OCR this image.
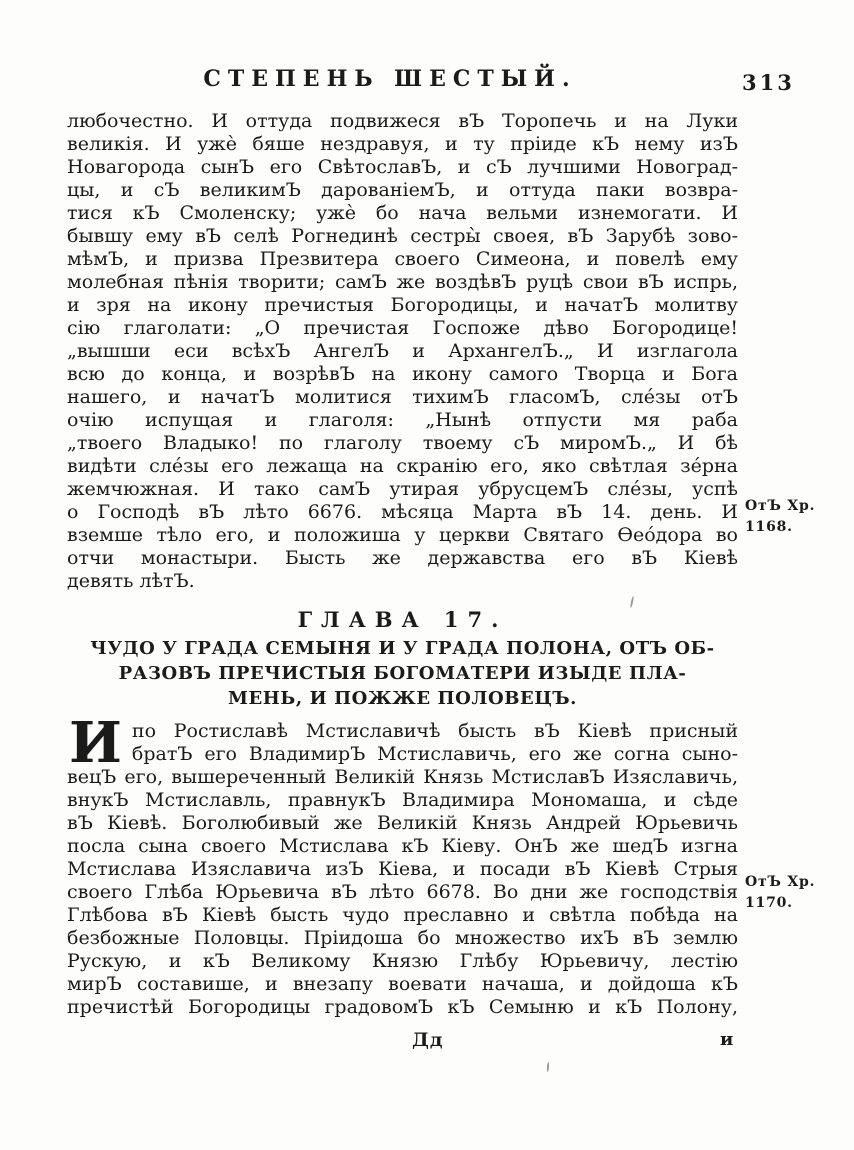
СТЕПЕНЬ ШЕСТЫЙ.	313
любочестно. И оттуда подвижеся вЪ Торопечь и на Луки
великія. И ужѐ бяше нездравуя, и ту пріиде кЪ нему изЪ
Новагорода сынЪ его СвѣтославЪ, и сЪ лучшими Новоград-
цы, и сЪ великимЪ дарованіемЪ, и оттуда паки возвра-
тися кЪ Смоленску; ужѐ бо нача вельми изнемогати. И
бывшу ему вЪ селѣ Рогнединѣ сестры̀ своея, вЪ Зарубѣ зово-
мѣмЪ, и призва Презвитера своего Симеона, и повелѣ ему
молебная пѣнія творити; самЪ же воздѣвЪ руцѣ свои вЪ испрь,
и зря на икону пречистыя Богородицы, и начатЪ молитву
сію глаголати: „О пречистая Госпоже дѣво Богородице!
„вышши еси всѣхЪ АнгелЪ и АрхангелЪ.„ И изглагола
всю до конца, и возрѣвЪ на икону самого Творца и Бога
нашего, и начатЪ молитися тихимЪ гласомЪ, сле́зы отЪ
очію испущая и глаголя: „Нынѣ отпусти мя раба
„твоего Владыко! по глаголу твоему сЪ миромЪ.„ И бѣ
видѣти сле́зы его лежаща на скранію его, яко свѣтлая зе́рна
жемчюжная. И тако самЪ утирая убрусцемЪ сле́зы, успѣ
о Господѣ вЪ лѣто 6676. мѣсяца Марта вЪ 14. день. И
вземше тѣло его, и положиша у церкви Святаго Ѳео́дора во
отчи монастыри. Бысть же державства его вЪ Кіевѣ
девять лѣтЪ.
ГЛАВА 17.
ЧУДО У ГРАДА СЕМЫНЯ И У ГРАДА ПОЛОНА, ОТЪ ОБ-
РАЗОВЪ ПРЕЧИСТЫЯ БОГОМАТЕРИ ИЗЫДЕ ПЛА-
МЕНЬ, И ПОЖЖЕ ПОЛОВЕЦЪ.
И по Ростиславѣ Мстиславичѣ бысть вЪ Кіевѣ присный
братЪ его ВладимирЪ Мстиславичь, его же согна сыно-
вецЪ его, вышереченный Великій Князь МстиславЪ Изяславичь,
внукЪ Мстиславль, правнукЪ Владимира Мономаша, и сѣде
вЪ Кіевѣ. Боголюбивый же Великій Князь Андрей Юрьевичь
посла сына своего Мстислава кЪ Кіеву. ОнЪ же шедЪ изгна
Мстислава Изяславича изЪ Кіева, и посади вЪ Кіевѣ Стрыя
своего Глѣба Юрьевича вЪ лѣто 6678. Во дни же господствія
Глѣбова вЪ Кіевѣ бысть чудо преславно и свѣтла побѣда на
безбожные Половцы. Пріидоша бо множество ихЪ вЪ землю
Рускую, и кЪ Великому Князю Глѣбу Юрьевичу, лестію
мирЪ составише, и внезапу воевати начаша, и дойдоша кЪ
пречистѣй Богородицы градовомЪ кЪ Семыню и кЪ Полону,
ОтЪ Хр.
1168.
ОтЪ Хр.
1170.
Дд	и
